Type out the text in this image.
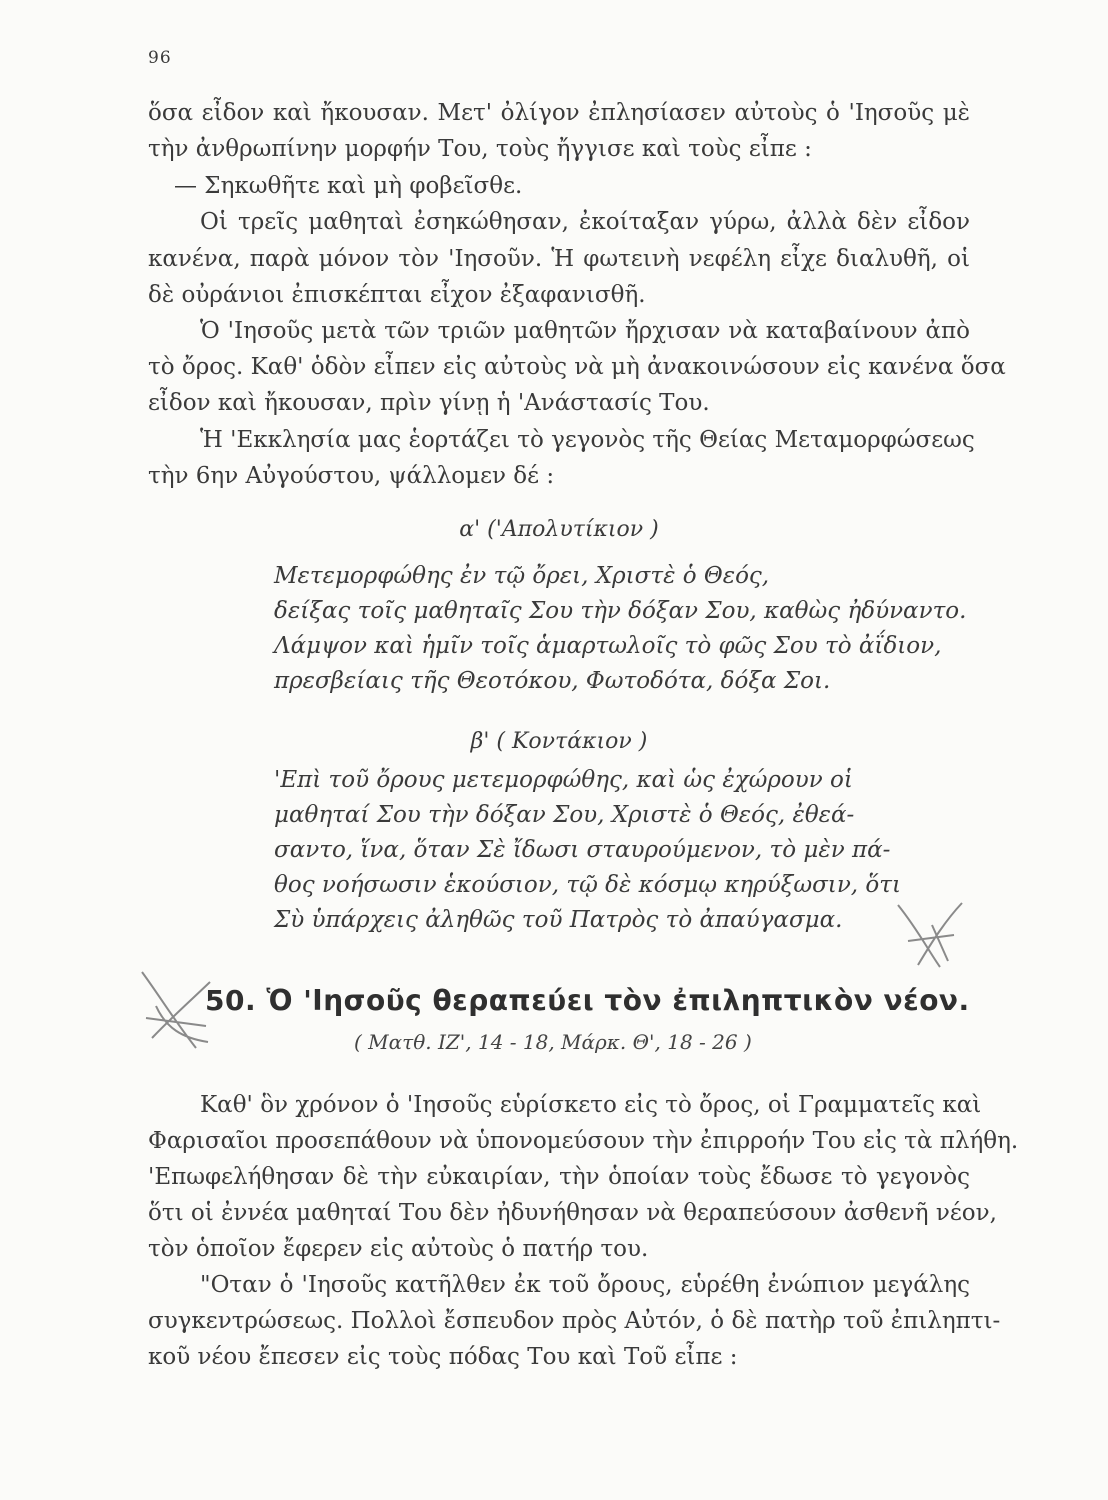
96
ὅσα εἶδον καὶ ἤκουσαν. Μετ' ὀλίγον ἐπλησίασεν αὐτοὺς ὁ 'Ιησοῦς μὲ
τὴν ἀνθρωπίνην μορφήν Του, τοὺς ἤγγισε καὶ τοὺς εἶπε :
— Σηκωθῆτε καὶ μὴ φοβεῖσθε.
Οἱ τρεῖς μαθηταὶ ἐσηκώθησαν, ἐκοίταξαν γύρω, ἀλλὰ δὲν εἶδον
κανένα, παρὰ μόνον τὸν 'Ιησοῦν. Ἡ φωτεινὴ νεφέλη εἶχε διαλυθῆ, οἱ
δὲ οὐράνιοι ἐπισκέπται εἶχον ἐξαφανισθῆ.
Ὁ 'Ιησοῦς μετὰ τῶν τριῶν μαθητῶν ἤρχισαν νὰ καταβαίνουν ἀπὸ
τὸ ὄρος. Καθ' ὁδὸν εἶπεν εἰς αὐτοὺς νὰ μὴ ἀνακοινώσουν εἰς κανένα ὅσα
εἶδον καὶ ἤκουσαν, πρὶν γίνῃ ἡ 'Ανάστασίς Του.
Ἡ 'Εκκλησία μας ἑορτάζει τὸ γεγονὸς τῆς Θείας Μεταμορφώσεως
τὴν 6ην Αὐγούστου, ψάλλομεν δέ :
α' ('Απολυτίκιον )
Μετεμορφώθης ἐν τῷ ὄρει, Χριστὲ ὁ Θεός,
δείξας τοῖς μαθηταῖς Σου τὴν δόξαν Σου, καθὼς ἠδύναντο.
Λάμψον καὶ ἡμῖν τοῖς ἁμαρτωλοῖς τὸ φῶς Σου τὸ ἀΐδιον,
πρεσβείαις τῆς Θεοτόκου, Φωτοδότα, δόξα Σοι.
β' ( Κοντάκιον )
'Επὶ τοῦ ὄρους μετεμορφώθης, καὶ ὡς ἐχώρουν οἱ
μαθηταί Σου τὴν δόξαν Σου, Χριστὲ ὁ Θεός, ἐθεά-
σαντο, ἵνα, ὅταν Σὲ ἴδωσι σταυρούμενον, τὸ μὲν πά-
θος νοήσωσιν ἑκούσιον, τῷ δὲ κόσμῳ κηρύξωσιν, ὅτι
Σὺ ὑπάρχεις ἀληθῶς τοῦ Πατρὸς τὸ ἀπαύγασμα.
50. Ὁ 'Ιησοῦς θεραπεύει τὸν ἐπιληπτικὸν νέον.
( Ματθ. ΙΖ', 14 - 18, Μάρκ. Θ', 18 - 26 )
Καθ' ὃν χρόνον ὁ 'Ιησοῦς εὑρίσκετο εἰς τὸ ὄρος, οἱ Γραμματεῖς καὶ
Φαρισαῖοι προσεπάθουν νὰ ὑπονομεύσουν τὴν ἐπιρροήν Του εἰς τὰ πλήθη.
'Επωφελήθησαν δὲ τὴν εὐκαιρίαν, τὴν ὁποίαν τοὺς ἔδωσε τὸ γεγονὸς
ὅτι οἱ ἐννέα μαθηταί Του δὲν ἠδυνήθησαν νὰ θεραπεύσουν ἀσθενῆ νέον,
τὸν ὁποῖον ἔφερεν εἰς αὐτοὺς ὁ πατήρ του.
"Οταν ὁ 'Ιησοῦς κατῆλθεν ἐκ τοῦ ὄρους, εὑρέθη ἐνώπιον μεγάλης
συγκεντρώσεως. Πολλοὶ ἔσπευδον πρὸς Αὐτόν, ὁ δὲ πατὴρ τοῦ ἐπιληπτι-
κοῦ νέου ἔπεσεν εἰς τοὺς πόδας Του καὶ Τοῦ εἶπε :
